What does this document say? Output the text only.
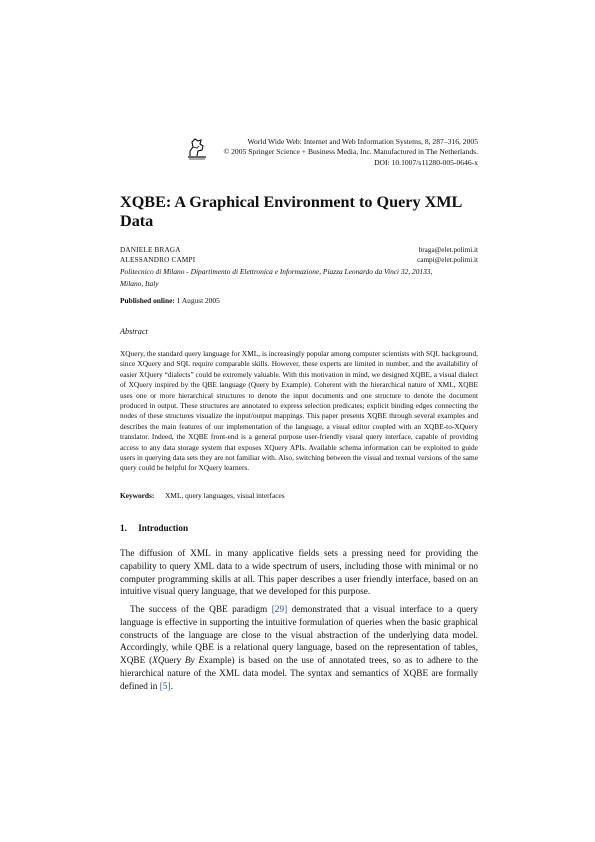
World Wide Web: Internet and Web Information Systems, 8, 287–316, 2005
© 2005 Springer Science + Business Media, Inc. Manufactured in The Netherlands.
DOI: 10.1007/s11280-005-0646-x
XQBE: A Graphical Environment to Query XML Data
DANIELE BRAGA	braga@elet.polimi.it
ALESSANDRO CAMPI	campi@elet.polimi.it
Politecnico di Milano - Dipartimento di Elettronica e Informazione, Piazza Leonardo da Vinci 32, 20133,
Milano, Italy
Published online: 1 August 2005
Abstract

XQuery, the standard query language for XML, is increasingly popular among computer scientists with SQL background, since XQuery and SQL require comparable skills. However, these experts are limited in number, and the availability of easier XQuery “dialects” could be extremely valuable. With this motivation in mind, we designed XQBE, a visual dialect of XQuery inspired by the QBE language (Query by Example). Coherent with the hierarchical nature of XML, XQBE uses one or more hierarchical structures to denote the input documents and one structure to denote the document produced in output. These structures are annotated to express selection predicates; explicit binding edges connecting the nodes of these structures visualize the input/output mappings. This paper presents XQBE through several examples and describes the main features of our implementation of the language, a visual editor coupled with an XQBE-to-XQuery translator. Indeed, the XQBE front-end is a general purpose user-friendly visual query interface, capable of providing access to any data storage system that exposes XQuery APIs. Available schema information can be exploited to guide users in querying data sets they are not familiar with. Also, switching between the visual and textual versions of the same query could be helpful for XQuery learners.

Keywords: XML, query languages, visual interfaces
1. Introduction

The diffusion of XML in many applicative fields sets a pressing need for providing the capability to query XML data to a wide spectrum of users, including those with minimal or no computer programming skills at all. This paper describes a user friendly interface, based on an intuitive visual query language, that we developed for this purpose.

The success of the QBE paradigm [29] demonstrated that a visual interface to a query language is effective in supporting the intuitive formulation of queries when the basic graphical constructs of the language are close to the visual abstraction of the underlying data model. Accordingly, while QBE is a relational query language, based on the representation of tables, XQBE (XQuery By Example) is based on the use of annotated trees, so as to adhere to the hierarchical nature of the XML data model. The syntax and semantics of XQBE are formally defined in [5].
